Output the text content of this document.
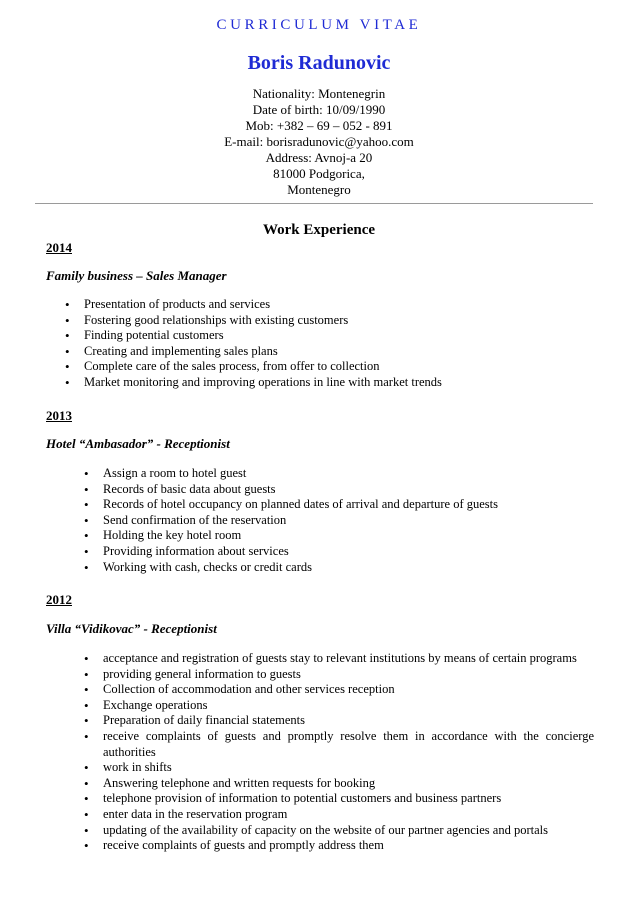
CURRICULUM VITAE

Boris Radunovic

Nationality: Montenegrin
Date of birth: 10/09/1990
Mob: +382 – 69 – 052 - 891
E-mail: borisradunovic@yahoo.com
Address: Avnoj-a 20
81000 Podgorica,
Montenegro

Work Experience

2014

Family business – Sales Manager

• Presentation of products and services
• Fostering good relationships with existing customers
• Finding potential customers
• Creating and implementing sales plans
• Complete care of the sales process, from offer to collection
• Market monitoring and improving operations in line with market trends

2013

Hotel “Ambasador” - Receptionist

• Assign a room to hotel guest
• Records of basic data about guests
• Records of hotel occupancy on planned dates of arrival and departure of guests
• Send confirmation of the reservation
• Holding the key hotel room
• Providing information about services
• Working with cash, checks or credit cards

2012

Villa “Vidikovac” - Receptionist

• acceptance and registration of guests stay to relevant institutions by means of certain programs
• providing general information to guests
• Collection of accommodation and other services reception
• Exchange operations
• Preparation of daily financial statements
• receive complaints of guests and promptly resolve them in accordance with the concierge authorities
• work in shifts
• Answering telephone and written requests for booking
• telephone provision of information to potential customers and business partners
• enter data in the reservation program
• updating of the availability of capacity on the website of our partner agencies and portals
• receive complaints of guests and promptly address them
